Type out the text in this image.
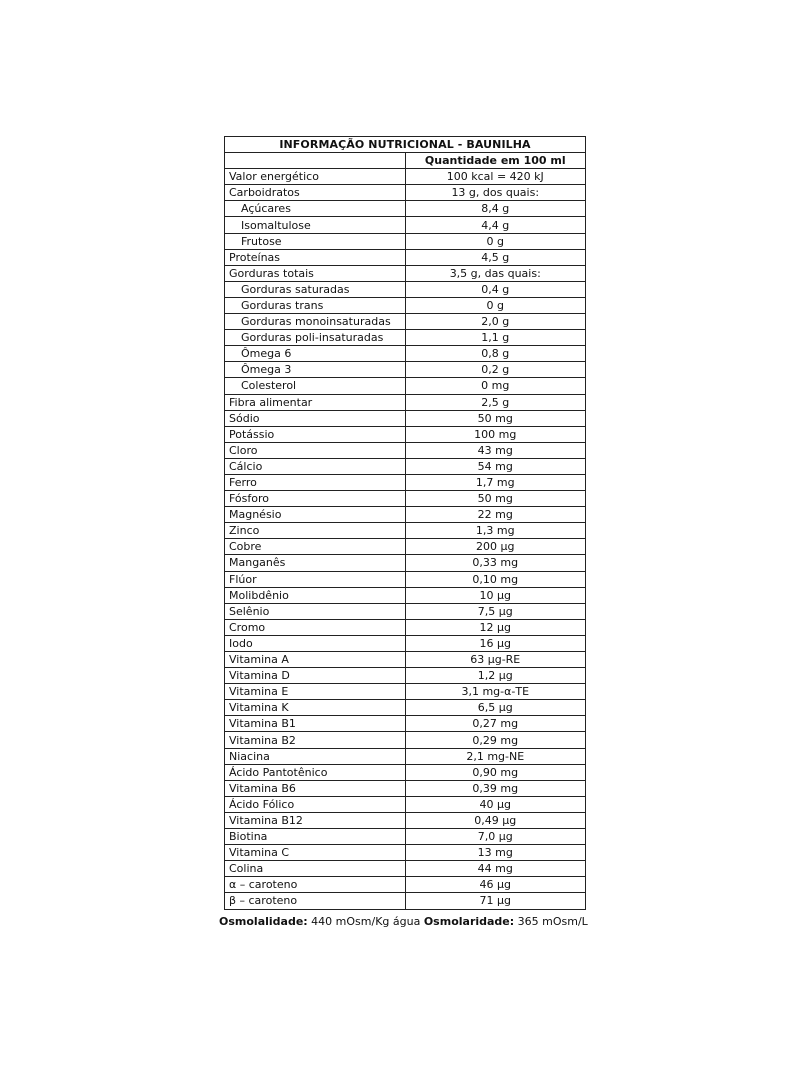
INFORMAÇÃO NUTRICIONAL - BAUNILHA	
	Quantidade em 100 ml
Valor energético	100 kcal = 420 kJ
Carboidratos	13 g, dos quais:
Açúcares	8,4 g
Isomaltulose	4,4 g
Frutose	0 g
Proteínas	4,5 g
Gorduras totais	3,5 g, das quais:
Gorduras saturadas	0,4 g
Gorduras trans	0 g
Gorduras monoinsaturadas	2,0 g
Gorduras poli-insaturadas	1,1 g
Ômega 6	0,8 g
Ômega 3	0,2 g
Colesterol	0 mg
Fibra alimentar	2,5 g
Sódio	50 mg
Potássio	100 mg
Cloro	43 mg
Cálcio	54 mg
Ferro	1,7 mg
Fósforo	50 mg
Magnésio	22 mg
Zinco	1,3 mg
Cobre	200 µg
Manganês	0,33 mg
Flúor	0,10 mg
Molibdênio	10 µg
Selênio	7,5 µg
Cromo	12 µg
Iodo	16 µg
Vitamina A	63 µg-RE
Vitamina D	1,2 µg
Vitamina E	3,1 mg-α-TE
Vitamina K	6,5 µg
Vitamina B1	0,27 mg
Vitamina B2	0,29 mg
Niacina	2,1 mg-NE
Ácido Pantotênico	0,90 mg
Vitamina B6	0,39 mg
Ácido Fólico	40 µg
Vitamina B12	0,49 µg
Biotina	7,0 µg
Vitamina C	13 mg
Colina	44 mg
α – caroteno	46 µg
β – caroteno	71 µg
Osmolalidade: 440 mOsm/Kg água Osmolaridade: 365 mOsm/L
